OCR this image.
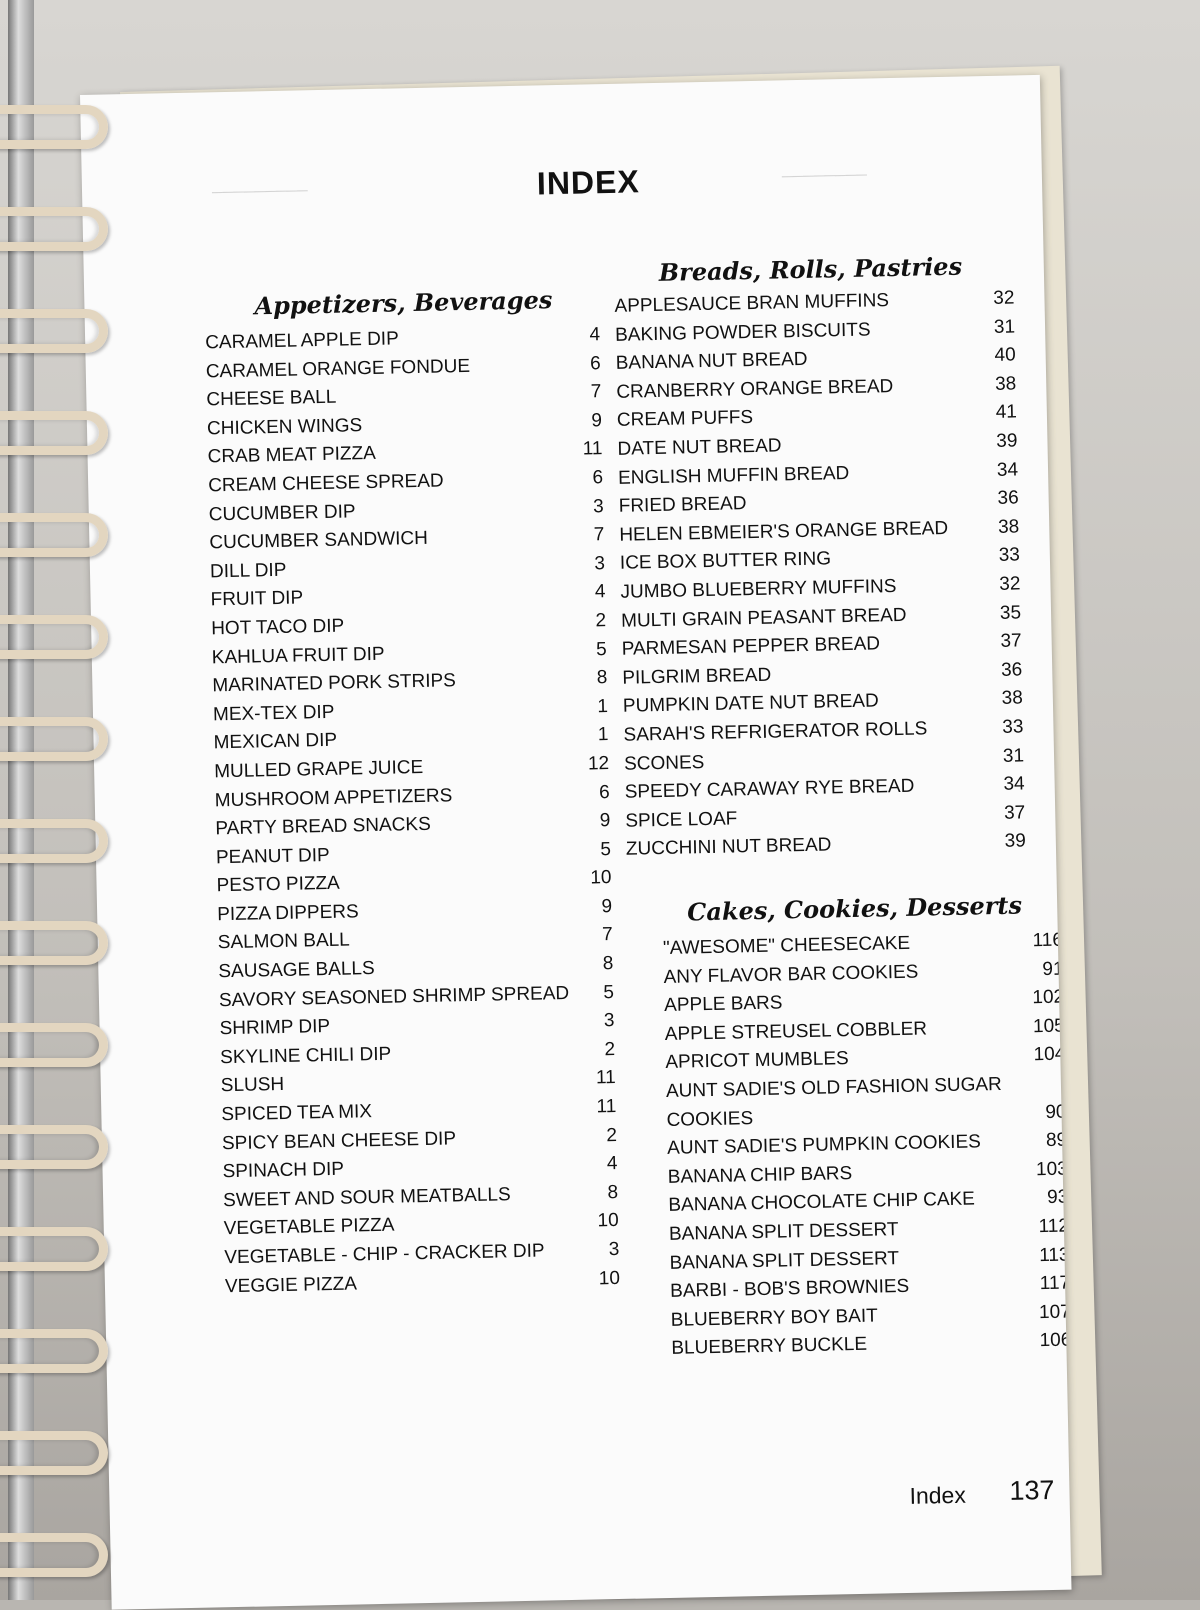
────────
─────────	INDEX
Appetizers, Beverages
CARAMEL APPLE DIP	4
CARAMEL ORANGE FONDUE	6
CHEESE BALL	7
CHICKEN WINGS	9
CRAB MEAT PIZZA	11
CREAM CHEESE SPREAD	6
CUCUMBER DIP	3
CUCUMBER SANDWICH	7
DILL DIP	3
FRUIT DIP	4
HOT TACO DIP	2
KAHLUA FRUIT DIP	5
MARINATED PORK STRIPS	8
MEX-TEX DIP	1
MEXICAN DIP	1
MULLED GRAPE JUICE	12
MUSHROOM APPETIZERS	6
PARTY BREAD SNACKS	9
PEANUT DIP	5
PESTO PIZZA	10
PIZZA DIPPERS	9
SALMON BALL	7
SAUSAGE BALLS	8
SAVORY SEASONED SHRIMP SPREAD 5
SHRIMP DIP	3
SKYLINE CHILI DIP	2
SLUSH	11
SPICED TEA MIX	11
SPICY BEAN CHEESE DIP	2
SPINACH DIP	4
SWEET AND SOUR MEATBALLS	8
VEGETABLE PIZZA	10
VEGETABLE - CHIP - CRACKER DIP	3
VEGGIE PIZZA	10
Breads, Rolls, Pastries
APPLESAUCE BRAN MUFFINS	32
BAKING POWDER BISCUITS	31
BANANA NUT BREAD	40
CRANBERRY ORANGE BREAD	38
CREAM PUFFS	41
DATE NUT BREAD	39
ENGLISH MUFFIN BREAD	34
FRIED BREAD	36
HELEN EBMEIER'S ORANGE BREAD	38
ICE BOX BUTTER RING	33
JUMBO BLUEBERRY MUFFINS	32
MULTI GRAIN PEASANT BREAD	35
PARMESAN PEPPER BREAD	37
PILGRIM BREAD	36
PUMPKIN DATE NUT BREAD	38
SARAH'S REFRIGERATOR ROLLS	33
SCONES	31
SPEEDY CARAWAY RYE BREAD	34
SPICE LOAF	37
ZUCCHINI NUT BREAD	39
Cakes, Cookies, Desserts
"AWESOME" CHEESECAKE	116
ANY FLAVOR BAR COOKIES	91
APPLE BARS	102
APPLE STREUSEL COBBLER	105
APRICOT MUMBLES	104
AUNT SADIE'S OLD FASHION SUGAR
COOKIES	90
AUNT SADIE'S PUMPKIN COOKIES	89
BANANA CHIP BARS	103
BANANA CHOCOLATE CHIP CAKE	93
BANANA SPLIT DESSERT	112
BANANA SPLIT DESSERT	113
BARBI - BOB'S BROWNIES	117
BLUEBERRY BOY BAIT	107
BLUEBERRY BUCKLE	106
Index 137
